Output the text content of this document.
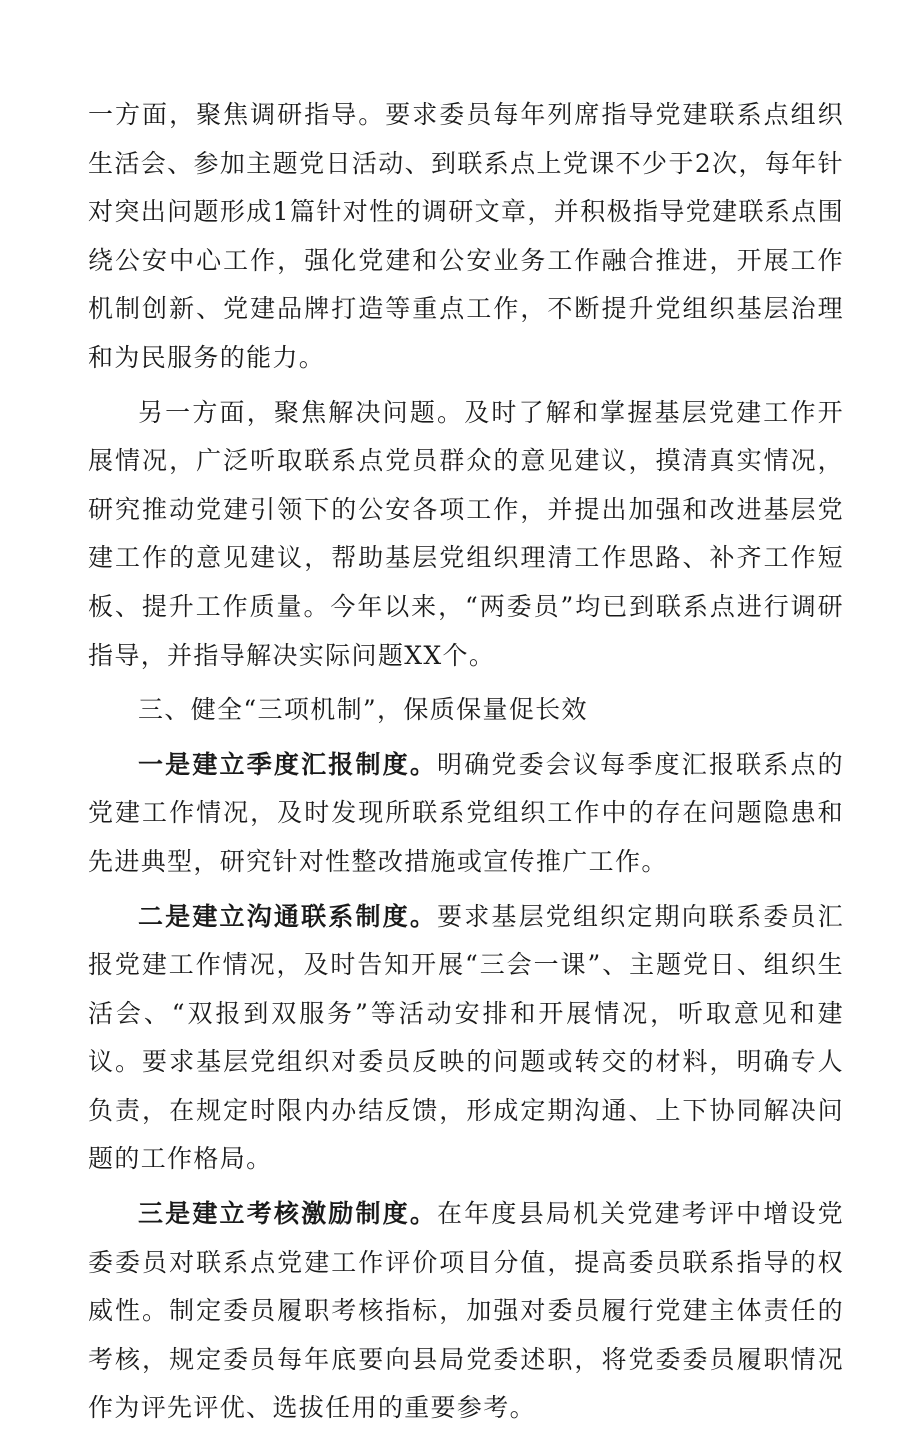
一方面，聚焦调研指导。要求委员每年列席指导党建联系点组织生活会、参加主题党日活动、到联系点上党课不少于2次，每年针对突出问题形成1篇针对性的调研文章，并积极指导党建联系点围绕公安中心工作，强化党建和公安业务工作融合推进，开展工作机制创新、党建品牌打造等重点工作，不断提升党组织基层治理和为民服务的能力。

另一方面，聚焦解决问题。及时了解和掌握基层党建工作开展情况，广泛听取联系点党员群众的意见建议，摸清真实情况，研究推动党建引领下的公安各项工作，并提出加强和改进基层党建工作的意见建议，帮助基层党组织理清工作思路、补齐工作短板、提升工作质量。今年以来，“两委员”均已到联系点进行调研指导，并指导解决实际问题XX个。

三、健全“三项机制”，保质保量促长效

一是建立季度汇报制度。明确党委会议每季度汇报联系点的党建工作情况，及时发现所联系党组织工作中的存在问题隐患和先进典型，研究针对性整改措施或宣传推广工作。

二是建立沟通联系制度。要求基层党组织定期向联系委员汇报党建工作情况，及时告知开展“三会一课”、主题党日、组织生活会、“双报到双服务”等活动安排和开展情况，听取意见和建议。要求基层党组织对委员反映的问题或转交的材料，明确专人负责，在规定时限内办结反馈，形成定期沟通、上下协同解决问题的工作格局。

三是建立考核激励制度。在年度县局机关党建考评中增设党委委员对联系点党建工作评价项目分值，提高委员联系指导的权威性。制定委员履职考核指标，加强对委员履行党建主体责任的考核，规定委员每年底要向县局党委述职，将党委委员履职情况作为评先评优、选拔任用的重要参考。
